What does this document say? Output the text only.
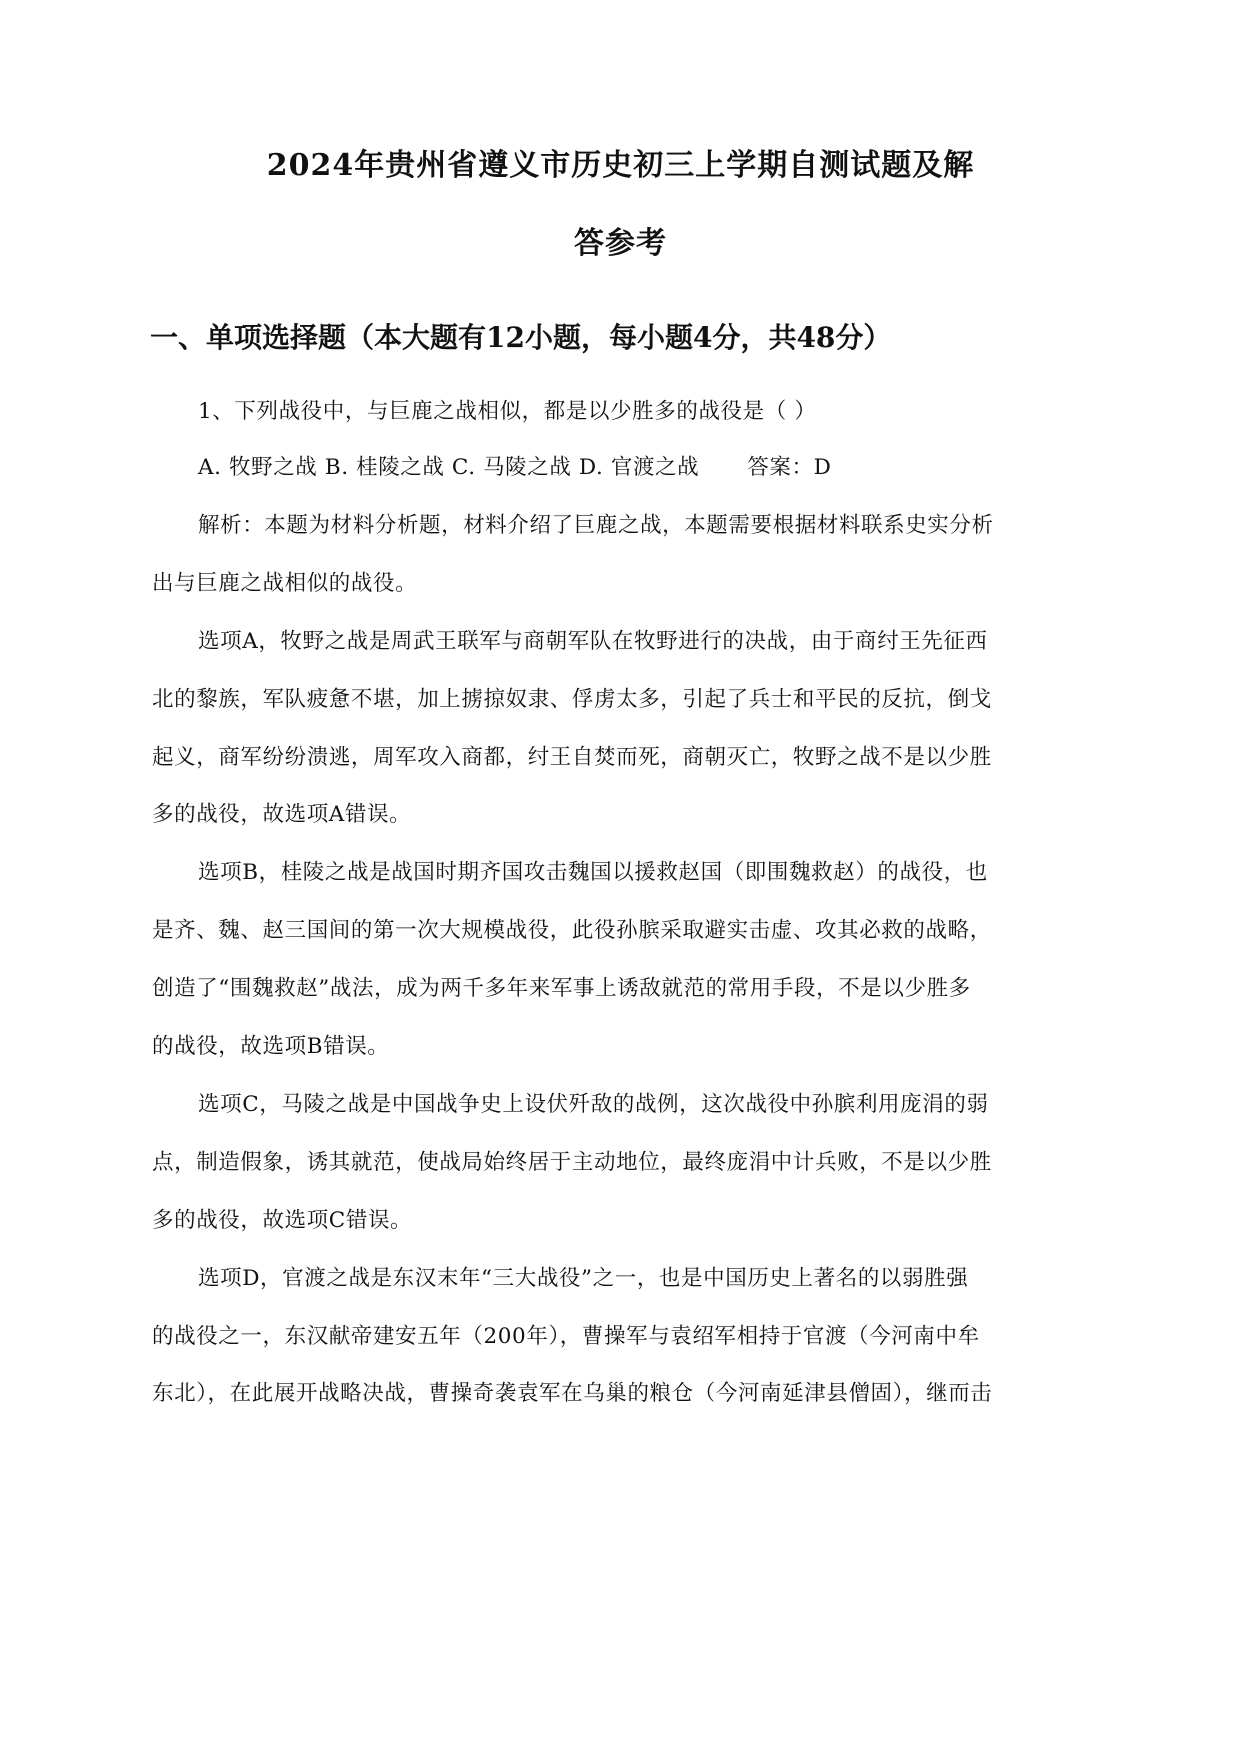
2024年贵州省遵义市历史初三上学期自测试题及解
答参考
一、单项选择题（本大题有12小题，每小题4分，共48分）
1、下列战役中，与巨鹿之战相似，都是以少胜多的战役是（ ）
A. 牧野之战 B. 桂陵之战 C. 马陵之战 D. 官渡之战 答案：D
解析：本题为材料分析题，材料介绍了巨鹿之战，本题需要根据材料联系史实分析
出与巨鹿之战相似的战役。
选项A，牧野之战是周武王联军与商朝军队在牧野进行的决战，由于商纣王先征西
北的黎族，军队疲惫不堪，加上掳掠奴隶、俘虏太多，引起了兵士和平民的反抗，倒戈
起义，商军纷纷溃逃，周军攻入商都，纣王自焚而死，商朝灭亡，牧野之战不是以少胜
多的战役，故选项A错误。
选项B，桂陵之战是战国时期齐国攻击魏国以援救赵国（即围魏救赵）的战役，也
是齐、魏、赵三国间的第一次大规模战役，此役孙膑采取避实击虚、攻其必救的战略，
创造了“围魏救赵”战法，成为两千多年来军事上诱敌就范的常用手段，不是以少胜多
的战役，故选项B错误。
选项C，马陵之战是中国战争史上设伏歼敌的战例，这次战役中孙膑利用庞涓的弱
点，制造假象，诱其就范，使战局始终居于主动地位，最终庞涓中计兵败，不是以少胜
多的战役，故选项C错误。
选项D，官渡之战是东汉末年“三大战役”之一，也是中国历史上著名的以弱胜强
的战役之一，东汉献帝建安五年（200年），曹操军与袁绍军相持于官渡（今河南中牟
东北），在此展开战略决战，曹操奇袭袁军在乌巢的粮仓（今河南延津县僧固），继而击
